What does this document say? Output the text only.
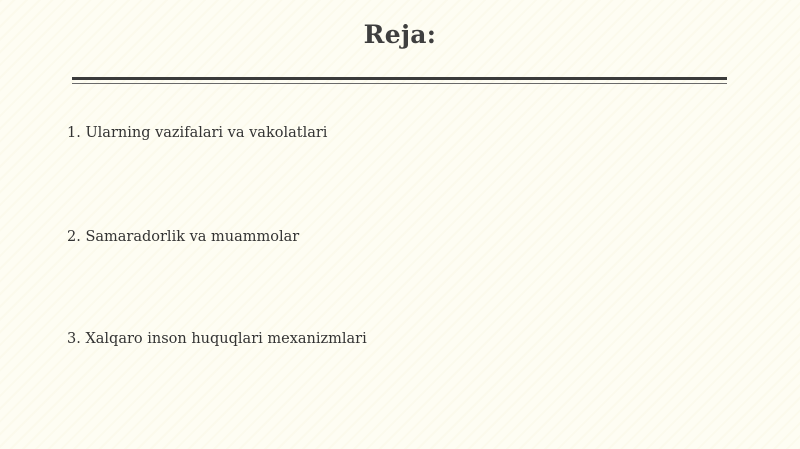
Reja:
1. Ularning vazifalari va vakolatlari
2. Samaradorlik va muammolar
3. Xalqaro inson huquqlari mexanizmlari
